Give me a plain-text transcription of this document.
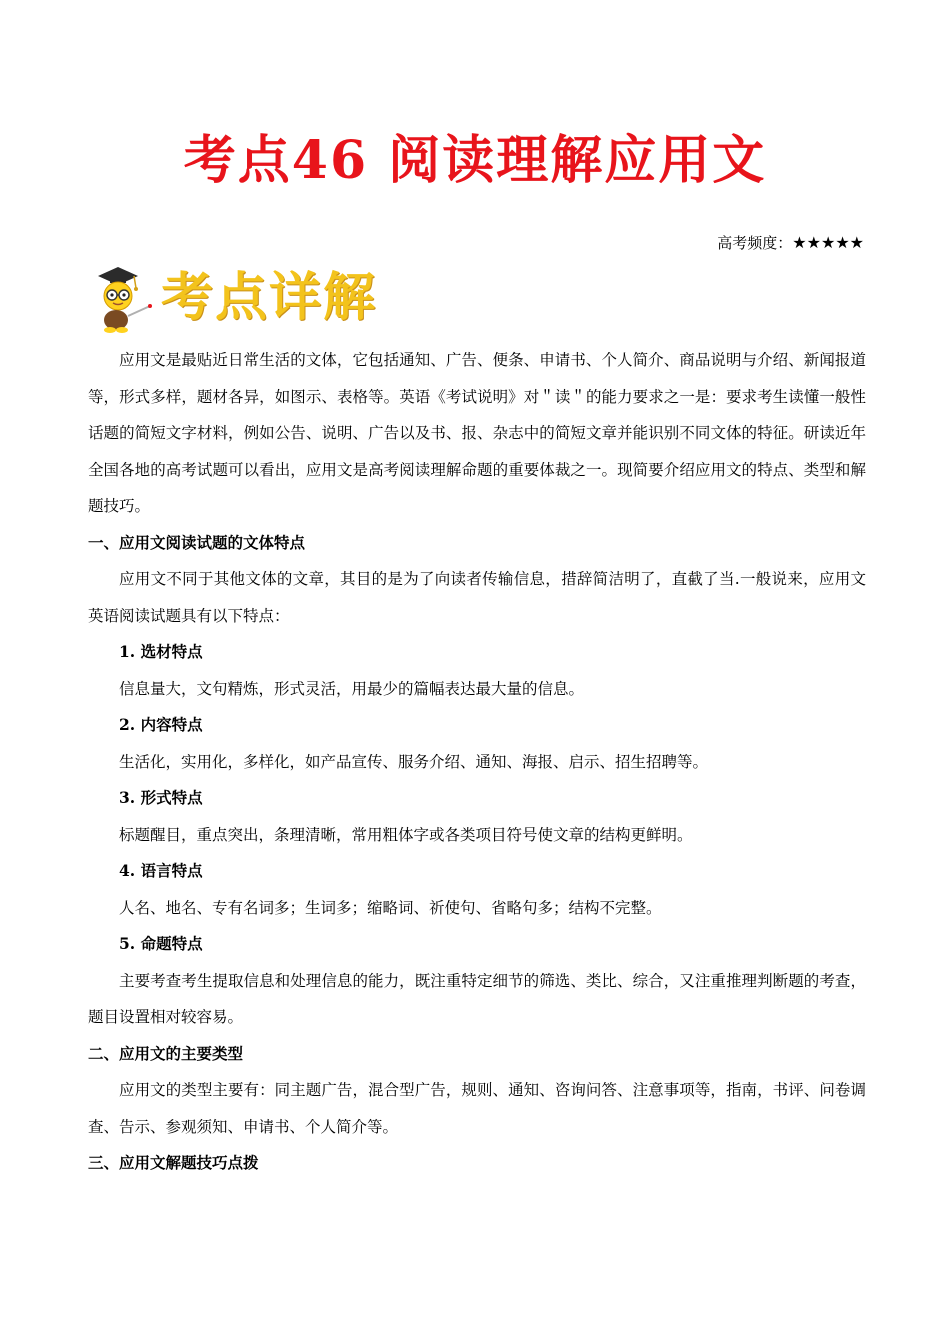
考点46 阅读理解应用文
高考频度：★★★★★
考点详解

应用文是最贴近日常生活的文体，它包括通知、广告、便条、申请书、个人简介、商品说明与介绍、新闻报道等，形式多样，题材各异，如图示、表格等。英语《考试说明》对＂读＂的能力要求之一是：要求考生读懂一般性话题的简短文字材料，例如公告、说明、广告以及书、报、杂志中的简短文章并能识别不同文体的特征。研读近年全国各地的高考试题可以看出，应用文是高考阅读理解命题的重要体裁之一。现简要介绍应用文的特点、类型和解题技巧。

一、应用文阅读试题的文体特点

应用文不同于其他文体的文章，其目的是为了向读者传输信息，措辞简洁明了，直截了当.一般说来，应用文英语阅读试题具有以下特点：

1. 选材特点

信息量大，文句精炼，形式灵活，用最少的篇幅表达最大量的信息。

2. 内容特点

生活化，实用化，多样化，如产品宣传、服务介绍、通知、海报、启示、招生招聘等。

3. 形式特点

标题醒目，重点突出，条理清晰，常用粗体字或各类项目符号使文章的结构更鲜明。

4. 语言特点

人名、地名、专有名词多；生词多；缩略词、祈使句、省略句多；结构不完整。

5. 命题特点

主要考查考生提取信息和处理信息的能力，既注重特定细节的筛选、类比、综合，又注重推理判断题的考查，题目设置相对较容易。

二、应用文的主要类型

应用文的类型主要有：同主题广告，混合型广告，规则、通知、咨询问答、注意事项等，指南，书评、问卷调查、告示、参观须知、申请书、个人简介等。

三、应用文解题技巧点拨
